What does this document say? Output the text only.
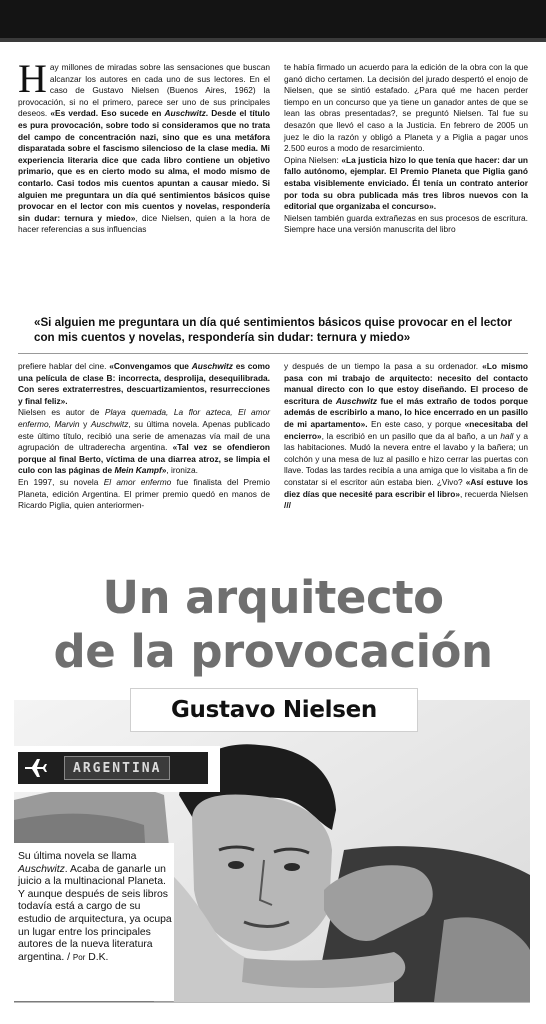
H ay millones de miradas sobre las sensaciones que buscan alcanzar los autores en cada uno de sus lectores. En el caso de Gustavo Nielsen (Buenos Aires, 1962) la provocación, si no el primero, parece ser uno de sus principales deseos. «Es verdad. Eso sucede en Auschwitz. Desde el título es pura provocación, sobre todo si consideramos que no trata del campo de concentración nazi, sino que es una metáfora disparatada sobre el fascismo silencioso de la clase media. Mi experiencia literaria dice que cada libro contiene un objetivo primario, que es en cierto modo su alma, el modo mismo de contarlo. Casi todos mis cuentos apuntan a causar miedo. Si alguien me preguntara un día qué sentimientos básicos quise provocar en el lector con mis cuentos y novelas, respondería sin dudar: ternura y miedo», dice Nielsen, quien a la hora de hacer referencias a sus influencias
te había firmado un acuerdo para la edición de la obra con la que ganó dicho certamen. La decisión del jurado despertó el enojo de Nielsen, que se sintió estafado. ¿Para qué me hacen perder tiempo en un concurso que ya tiene un ganador antes de que se lean las obras presentadas?, se preguntó Nielsen. Tal fue su desazón que llevó el caso a la Justicia. En febrero de 2005 un juez le dio la razón y obligó a Planeta y a Piglia a pagar unos 2.500 euros a modo de resarcimiento.
Opina Nielsen: «La justicia hizo lo que tenía que hacer: dar un fallo autónomo, ejemplar. El Premio Planeta que Piglia ganó estaba visiblemente enviciado. Él tenía un contrato anterior por toda su obra publicada más tres libros nuevos con la editorial que organizaba el concurso».
Nielsen también guarda extrañezas en sus procesos de escritura. Siempre hace una versión manuscrita del libro
«Si alguien me preguntara un día qué sentimientos básicos quise provocar en el lector con mis cuentos y novelas, respondería sin dudar: ternura y miedo»
prefiere hablar del cine. «Convengamos que Auschwitz es como una película de clase B: incorrecta, desprolija, desequilibrada. Con seres extraterrestres, descuartizamientos, resurrecciones y final feliz».
Nielsen es autor de Playa quemada, La flor azteca, El amor enfermo, Marvin y Auschwitz, su última novela. Apenas publicado este último título, recibió una serie de amenazas vía mail de una agrupación de ultraderecha argentina. «Tal vez se ofendieron porque al final Berto, víctima de una diarrea atroz, se limpia el culo con las páginas de Mein Kampf», ironiza.
En 1997, su novela El amor enfermo fue finalista del Premio Planeta, edición Argentina. El primer premio quedó en manos de Ricardo Piglia, quien anteriormen-
y después de un tiempo la pasa a su ordenador. «Lo mismo pasa con mi trabajo de arquitecto: necesito del contacto manual directo con lo que estoy diseñando. El proceso de escritura de Auschwitz fue el más extraño de todos porque además de escribirlo a mano, lo hice encerrado en un pasillo de mi apartamento». En este caso, y porque «necesitaba del encierro», la escribió en un pasillo que da al baño, a un hall y a las habitaciones. Mudó la nevera entre el lavabo y la bañera; un colchón y una mesa de luz al pasillo e hizo cerrar las puertas con llave. Todas las tardes recibía a una amiga que lo visitaba a fin de constatar si el escritor aún estaba bien. ¿Vivo? «Así estuve los diez días que necesité para escribir el libro», recuerda Nielsen ///
Un arquitecto
de la provocación
Gustavo Nielsen
ARGENTINA
Su última novela se llama Auschwitz. Acaba de ganarle un juicio a la multinacional Planeta. Y aunque después de seis libros todavía está a cargo de su estudio de arquitectura, ya ocupa un lugar entre los principales autores de la nueva literatura argentina. / Por D.K.
